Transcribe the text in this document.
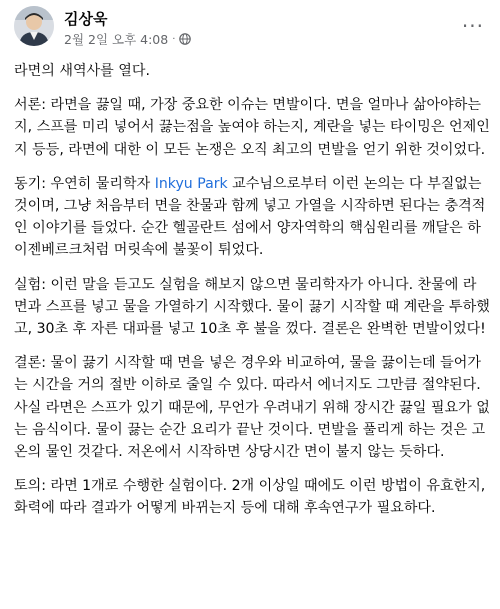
김상욱
2월 2일 오후 4:08 ·
···

라면의 새역사를 열다.

서론: 라면을 끓일 때, 가장 중요한 이슈는 면발이다. 면을 얼마나 삶아야하는지, 스프를 미리 넣어서 끓는점을 높여야 하는지, 계란을 넣는 타이밍은 언제인지 등등, 라면에 대한 이 모든 논쟁은 오직 최고의 면발을 얻기 위한 것이었다.

동기: 우연히 물리학자 Inkyu Park 교수님으로부터 이런 논의는 다 부질없는 것이며, 그냥 처음부터 면을 찬물과 함께 넣고 가열을 시작하면 된다는 충격적인 이야기를 들었다. 순간 헬골란트 섬에서 양자역학의 핵심원리를 깨달은 하이젠베르크처럼 머릿속에 불꽃이 튀었다.

실험: 이런 말을 듣고도 실험을 해보지 않으면 물리학자가 아니다. 찬물에 라면과 스프를 넣고 물을 가열하기 시작했다. 물이 끓기 시작할 때 계란을 투하했고, 30초 후 자른 대파를 넣고 10초 후 불을 껐다. 결론은 완벽한 면발이었다!

결론: 물이 끓기 시작할 때 면을 넣은 경우와 비교하여, 물을 끓이는데 들어가는 시간을 거의 절반 이하로 줄일 수 있다. 따라서 에너지도 그만큼 절약된다. 사실 라면은 스프가 있기 때문에, 무언가 우려내기 위해 장시간 끓일 필요가 없는 음식이다. 물이 끓는 순간 요리가 끝난 것이다. 면발을 풀리게 하는 것은 고온의 물인 것같다. 저온에서 시작하면 상당시간 면이 불지 않는 듯하다.

토의: 라면 1개로 수행한 실험이다. 2개 이상일 때에도 이런 방법이 유효한지, 화력에 따라 결과가 어떻게 바뀌는지 등에 대해 후속연구가 필요하다.
